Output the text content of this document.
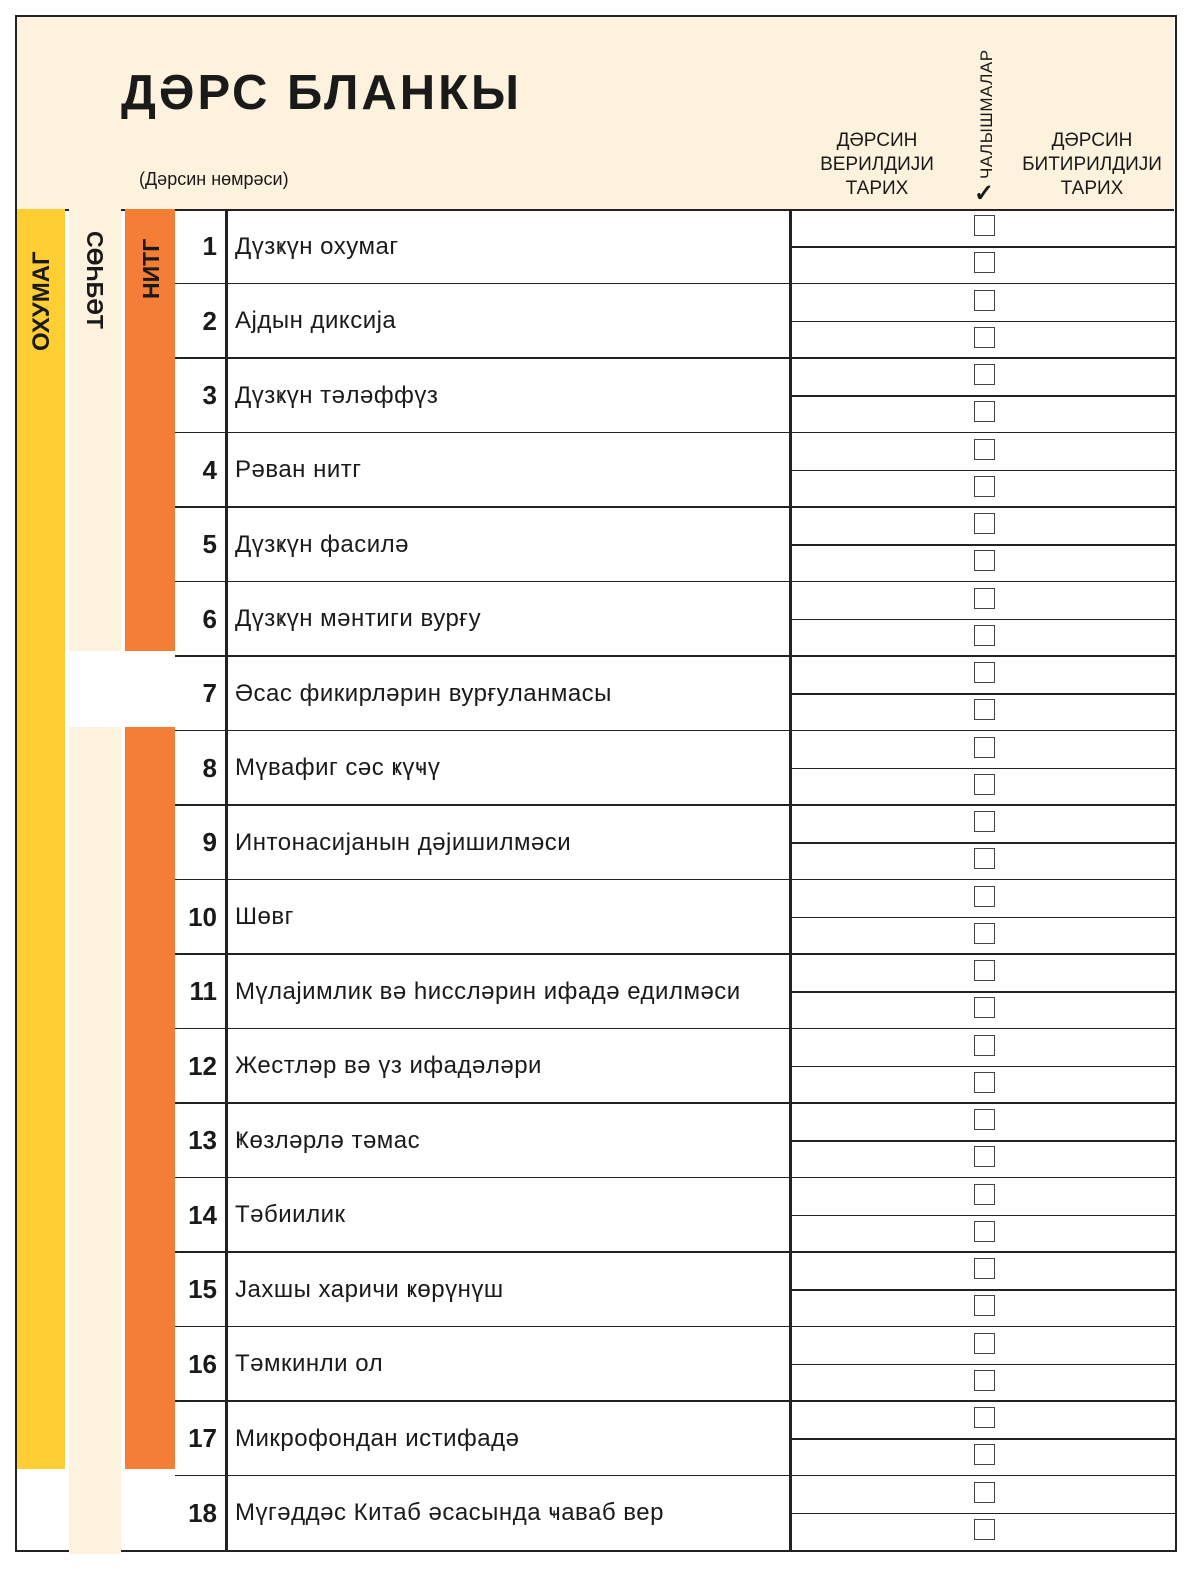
ДӘРС БЛАНКЫ
(Дәрсин нөмрәси)
ДӘРСИН ВЕРИЛДИЈИ ТАРИХ
ЧАЛЫШМАЛАР
✓
ДӘРСИН БИТИРИЛДИЈИ ТАРИХ
ОХУМАГ СӨҺБӘТ НИТГ	1 Дүзҝүн охумаг
2 Ајдын диксија
3 Дүзҝүн тәләффүз
4 Рәван нитг
5 Дүзҝүн фасилә
6 Дүзҝүн мәнтиги вурғу
7 Әсас фикирләрин вурғуланмасы
8 Мүвафиг сәс ҝүҹү
9 Интонасијанын дәјишилмәси
10 Шөвг
11 Мүлајимлик вә һиссләрин ифадә едилмәси
12 Жестләр вә үз ифадәләри
13 Ҝөзләрлә тәмас
14 Тәбиилик
15 Јахшы харичи ҝөрүнүш
16 Тәмкинли ол
17 Микрофондан истифадә
18 Мүгәддәс Китаб әсасында ҹаваб вер
